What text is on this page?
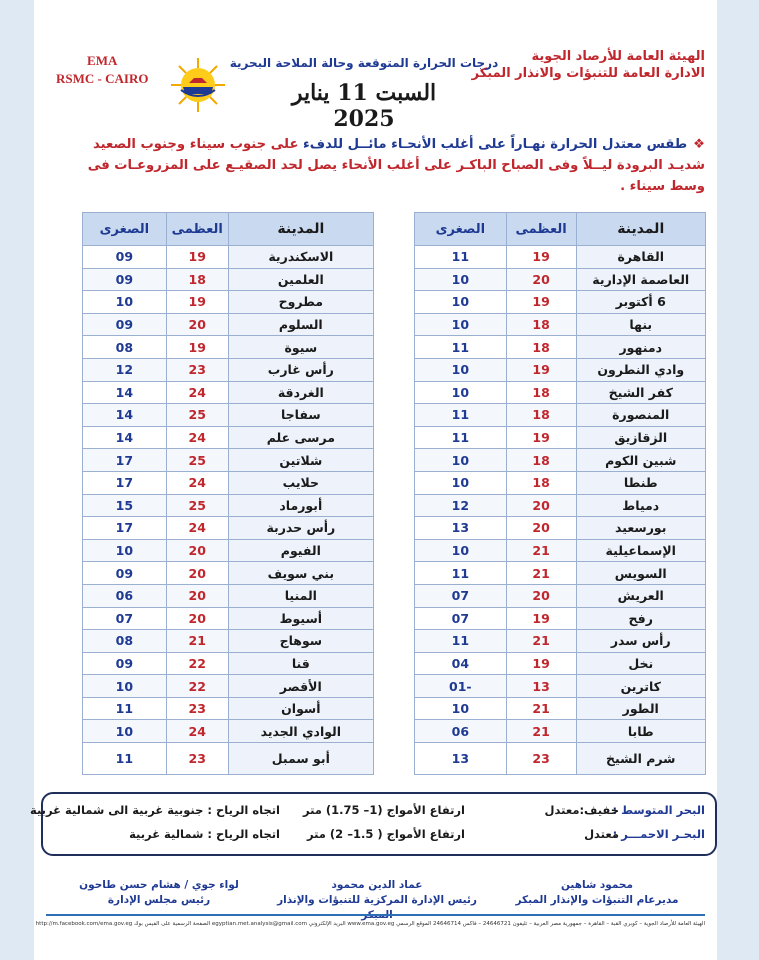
الهيئة العامة للأرصاد الجوية
الادارة العامة للتنبؤات والانذار المبكر
EMA
RSMC - CAIRO
درجات الحرارة المتوقعة وحالة الملاحة البحرية
السبت 11 يناير 2025
❖طقس معتدل الحرارة نهـاراً على أغلب الأنحـاء مائــل للدفء على جنوب سيناء وجنوب الصعيد شديـد البرودة ليــلاً وفى الصباح الباكـر على أغلب الأنحاء يصل لحد الصقيـع على المزروعـات فى وسط سيناء .
المدينة	العظمى	الصغرى
القاهرة	19	11
العاصمة الإدارية	20	10
6 أكتوبر	19	10
بنها	18	10
دمنهور	18	11
وادي النطرون	19	10
كفر الشيخ	18	10
المنصورة	18	11
الزقازيق	19	11
شبين الكوم	18	10
طنطا	18	10
دمياط	20	12
بورسعيد	20	13
الإسماعيلية	21	10
السويس	21	11
العريش	20	07
رفح	19	07
رأس سدر	21	11
نخل	19	04
كاترين	13	-01
الطور	21	10
طابا	21	06
شرم الشيخ	23	13
المدينة	العظمى	الصغرى
الاسكندرية	19	09
العلمين	18	09
مطروح	19	10
السلوم	20	09
سيوة	19	08
رأس غارب	23	12
الغردقة	24	14
سفاجا	25	14
مرسى علم	24	14
شلاتين	25	17
حلايب	24	17
أبورماد	25	15
رأس حدربة	24	17
الفيوم	20	10
بني سويف	20	09
المنيا	20	06
أسيوط	20	07
سوهاج	21	08
قنا	22	09
الأقصر	22	10
أسوان	23	11
الوادي الجديد	24	10
أبو سمبل	23	11
البحر المتوسط :
خفيف:معتدل
ارتفاع الأمواج (1– 1.75) متر
اتجاه الرياح : جنوبية غربية الى شمالية غربية
البحـر الاحمـــر :
معتدل
ارتفاع الأمواج ( 1.5– 2) متر
اتجاه الرياح : شمالية غربية
محمود شاهين
مديرعام التنبؤات والإنذار المبكر
عماد الدين محمود
رئيس الإدارة المركزية للتنبؤات والإنذار المبكر
لواء جوي / هشام حسن طاحون
رئيس مجلس الإدارة
الهيئة العامة للأرصاد الجوية – كوبري القبة – القاهرة – جمهورية مصر العربية – تليفون 24646721 – فاكس 24646714 الموقع الرسمي www.ema.gov.eg البريد الإلكتروني egyptian.met.analysis@gmail.com الصفحة الرسمية على الفيس بوك http://m.facebook.com/ema.gov.eg
